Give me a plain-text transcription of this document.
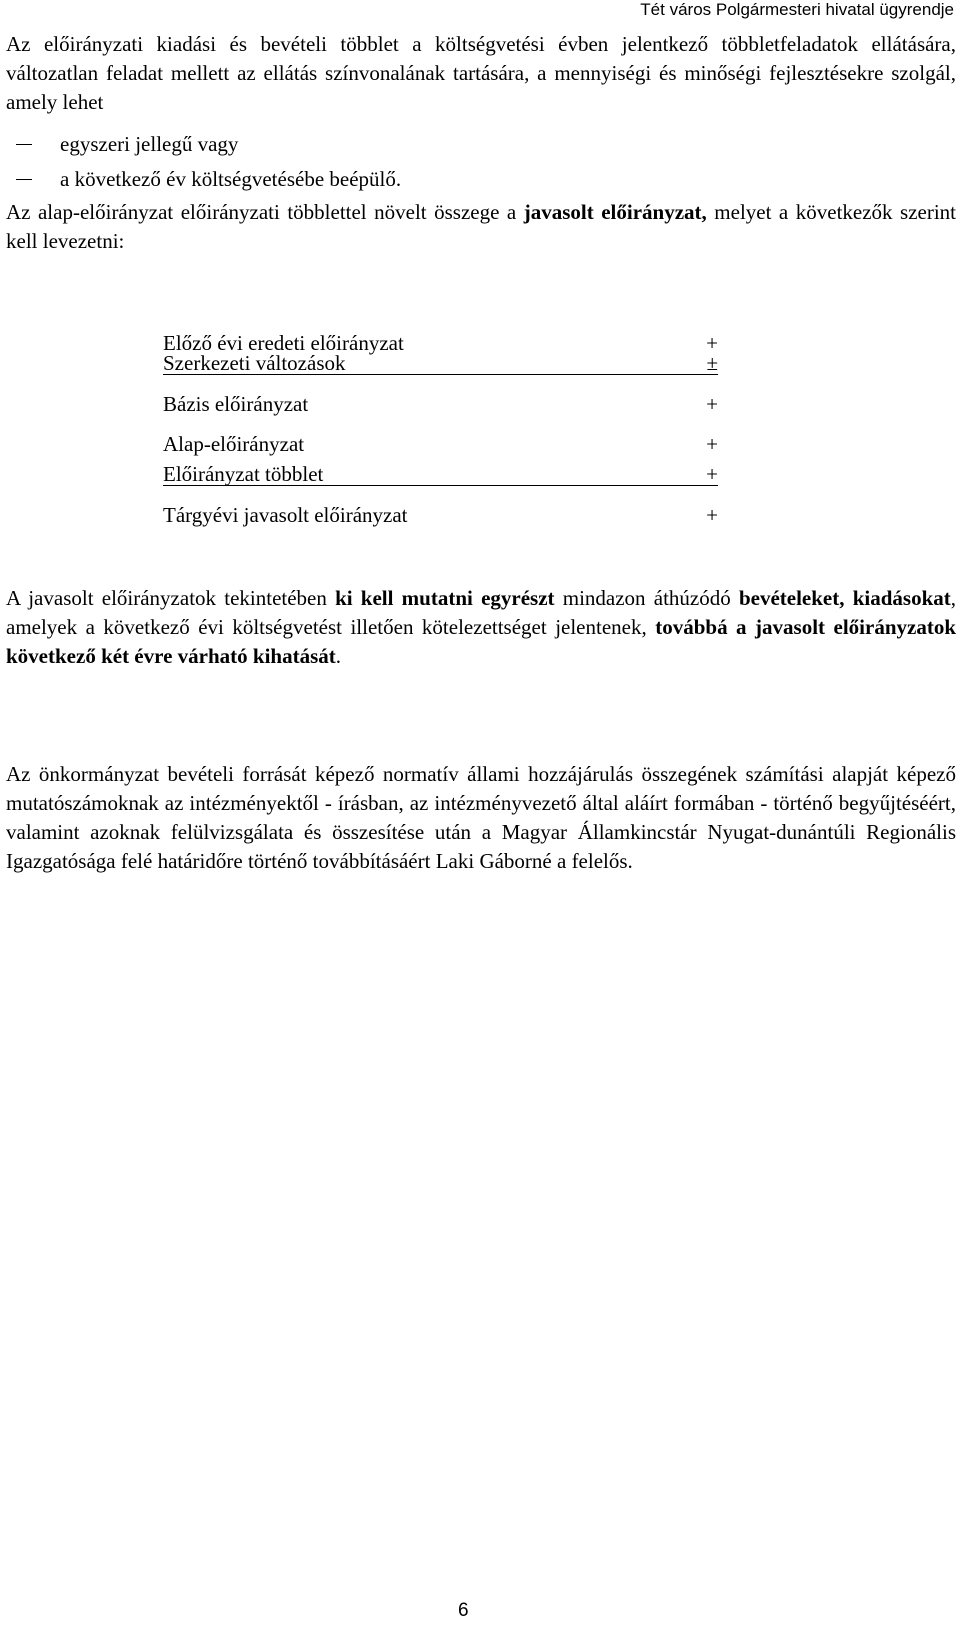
Tét város Polgármesteri hivatal ügyrendje
Az előirányzati kiadási és bevételi többlet a költségvetési évben jelentkező többletfeladatok ellátására, változatlan feladat mellett az ellátás színvonalának tartására, a mennyiségi és minőségi fejlesztésekre szolgál, amely lehet
egyszeri jellegű vagy
a következő év költségvetésébe beépülő.
Az alap-előirányzat előirányzati többlettel növelt összege a javasolt előirányzat, melyet a következők szerint kell levezetni:
Előző évi eredeti előirányzat	+
Szerkezeti változások	±
Bázis előirányzat	+
Alap-előirányzat	+
Előirányzat többlet	+
Tárgyévi javasolt előirányzat	+
A javasolt előirányzatok tekintetében ki kell mutatni egyrészt mindazon áthúzódó bevételeket, kiadásokat, amelyek a következő évi költségvetést illetően kötelezettséget jelentenek, továbbá a javasolt előirányzatok következő két évre várható kihatását.
Az önkormányzat bevételi forrását képező normatív állami hozzájárulás összegének számítási alapját képező mutatószámoknak az intézményektől - írásban, az intézményvezető által aláírt formában - történő begyűjtéséért, valamint azoknak felülvizsgálata és összesítése után a Magyar Államkincstár Nyugat-dunántúli Regionális Igazgatósága felé határidőre történő továbbításáért Laki Gáborné a felelős.
6
